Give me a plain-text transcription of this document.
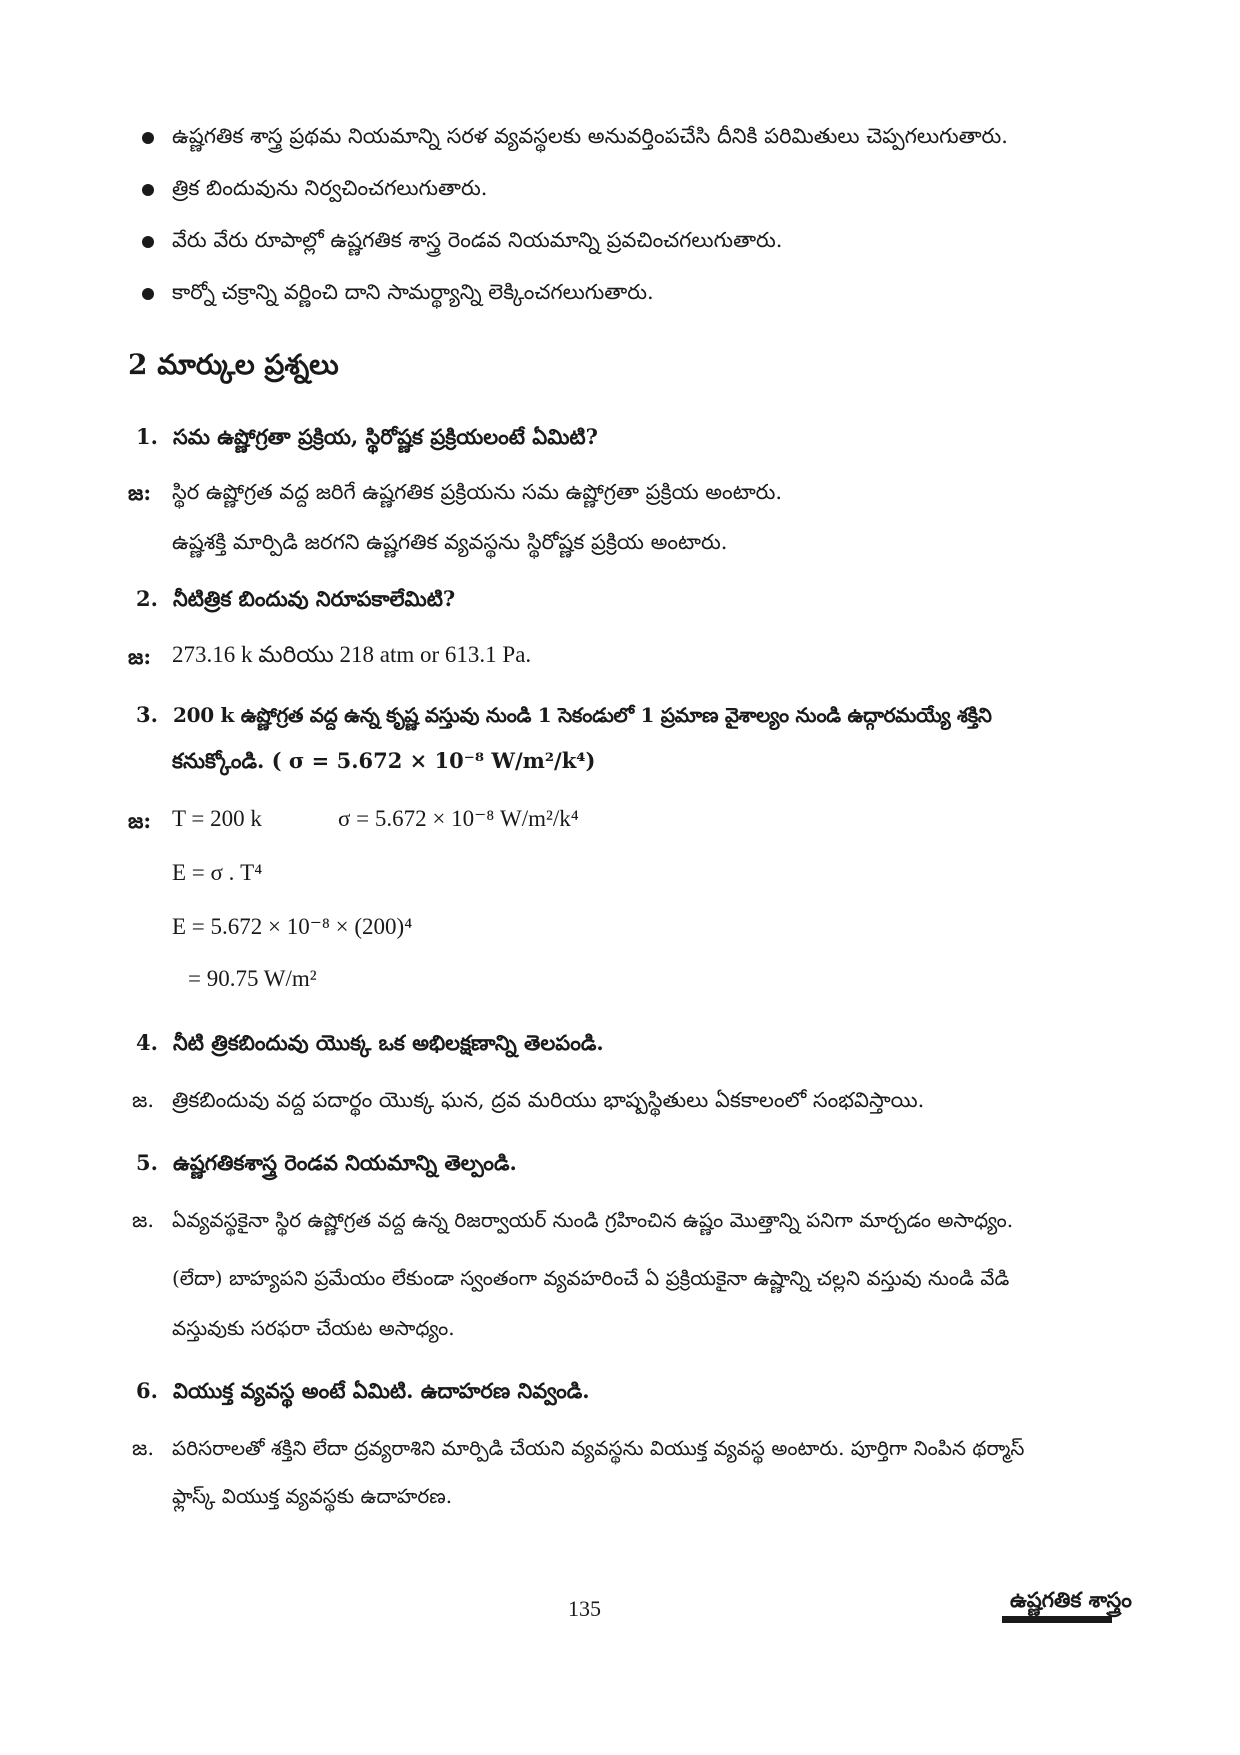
ఉష్ణగతిక శాస్త్ర ప్రథమ నియమాన్ని సరళ వ్యవస్థలకు అనువర్తింపచేసి దీనికి పరిమితులు చెప్పగలుగుతారు.
త్రిక బిందువును నిర్వచించగలుగుతారు.
వేరు వేరు రూపాల్లో ఉష్ణగతిక శాస్త్ర రెండవ నియమాన్ని ప్రవచించగలుగుతారు.
కార్నో చక్రాన్ని వర్ణించి దాని సామర్థ్యాన్ని లెక్కించగలుగుతారు.
2 మార్కుల ప్రశ్నలు
1. సమ ఉష్ణోగ్రతా ప్రక్రియ, స్థిరోష్ణక ప్రక్రియలంటే ఏమిటి?
జ: స్థిర ఉష్ణోగ్రత వద్ద జరిగే ఉష్ణగతిక ప్రక్రియను సమ ఉష్ణోగ్రతా ప్రక్రియ అంటారు.
ఉష్ణశక్తి మార్పిడి జరగని ఉష్ణగతిక వ్యవస్థను స్థిరోష్ణక ప్రక్రియ అంటారు.
2. నీటిత్రిక బిందువు నిరూపకాలేమిటి?
జ: 273.16 k మరియు 218 atm or 613.1 Pa.
3. 200 k ఉష్ణోగ్రత వద్ద ఉన్న కృష్ణ వస్తువు నుండి 1 సెకండులో 1 ప్రమాణ వైశాల్యం నుండి ఉద్గారమయ్యే శక్తిని
కనుక్కోండి. ( σ = 5.672 × 10⁻⁸ W/m²/k⁴)
జ: T = 200 k	σ = 5.672 × 10⁻⁸ W/m²/k⁴
E = σ . T⁴
E = 5.672 × 10⁻⁸ × (200)⁴
= 90.75 W/m²
4. నీటి త్రికబిందువు యొక్క ఒక అభిలక్షణాన్ని తెలపండి.
జ. త్రికబిందువు వద్ద పదార్థం యొక్క ఘన, ద్రవ మరియు భాష్పస్థితులు ఏకకాలంలో సంభవిస్తాయి.
5. ఉష్ణగతికశాస్త్ర రెండవ నియమాన్ని తెల్పండి.
జ. ఏవ్యవస్థకైనా స్థిర ఉష్ణోగ్రత వద్ద ఉన్న రిజర్వాయర్ నుండి గ్రహించిన ఉష్ణం మొత్తాన్ని పనిగా మార్చడం అసాధ్యం.
(లేదా) బాహ్యపని ప్రమేయం లేకుండా స్వంతంగా వ్యవహరించే ఏ ప్రక్రియకైనా ఉష్ణాన్ని చల్లని వస్తువు నుండి వేడి
వస్తువుకు సరఫరా చేయట అసాధ్యం.
6. వియుక్త వ్యవస్థ అంటే ఏమిటి. ఉదాహరణ నివ్వండి.
జ. పరిసరాలతో శక్తిని లేదా ద్రవ్యరాశిని మార్పిడి చేయని వ్యవస్థను వియుక్త వ్యవస్థ అంటారు. పూర్తిగా నింపిన థర్మాస్
ఫ్లాస్క్ వియుక్త వ్యవస్థకు ఉదాహరణ.
135	ఉష్ణగతిక శాస్త్రం
